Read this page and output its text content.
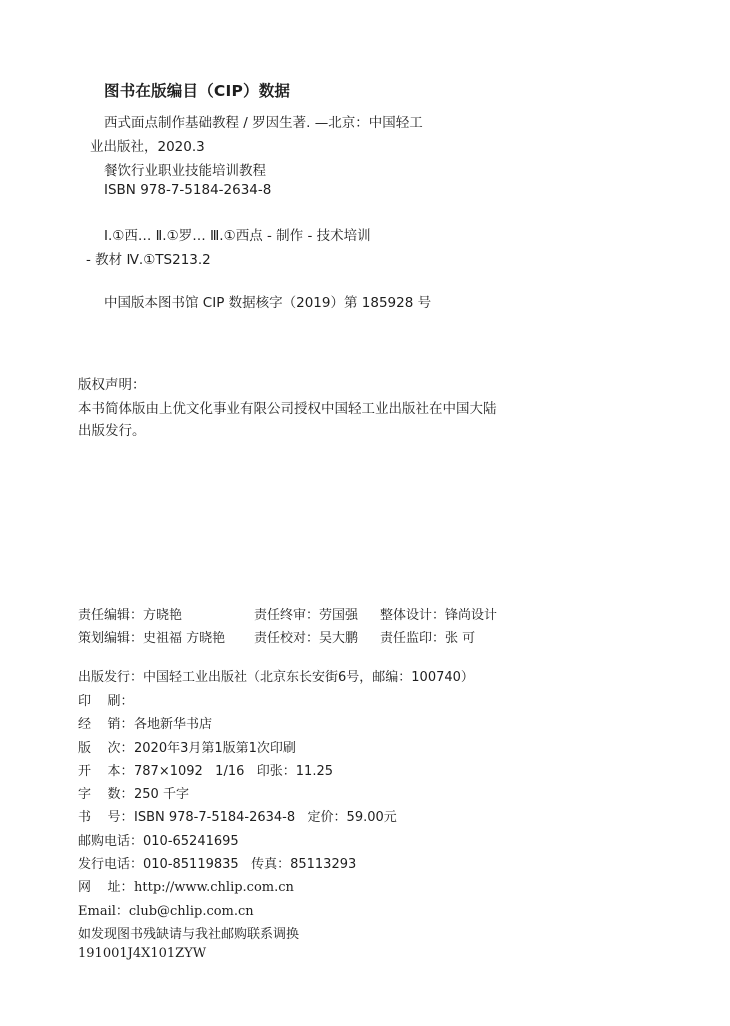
图书在版编目（CIP）数据
西式面点制作基础教程 / 罗因生著. —北京：中国轻工
业出版社，2020.3
餐饮行业职业技能培训教程
ISBN 978-7-5184-2634-8
Ⅰ.①西… Ⅱ.①罗… Ⅲ.①西点 - 制作 - 技术培训
- 教材 Ⅳ.①TS213.2
中国版本图书馆 CIP 数据核字（2019）第 185928 号
版权声明：
本书简体版由上优文化事业有限公司授权中国轻工业出版社在中国大陆
出版发行。
责任编辑：方晓艳	责任终审：劳国强 整体设计：锋尚设计
策划编辑：史祖福 方晓艳 责任校对：吴大鹏 责任监印：张 可
出版发行：中国轻工业出版社（北京东长安街6号，邮编：100740）
印    刷：
经    销：各地新华书店
版    次：2020年3月第1版第1次印刷
开    本：787×1092   1/16   印张：11.25
字    数：250 千字
书    号：ISBN 978-7-5184-2634-8   定价：59.00元
邮购电话：010-65241695
发行电话：010-85119835   传真：85113293
网    址：http://www.chlip.com.cn
Email：club@chlip.com.cn
如发现图书残缺请与我社邮购联系调换
191001J4X101ZYW
